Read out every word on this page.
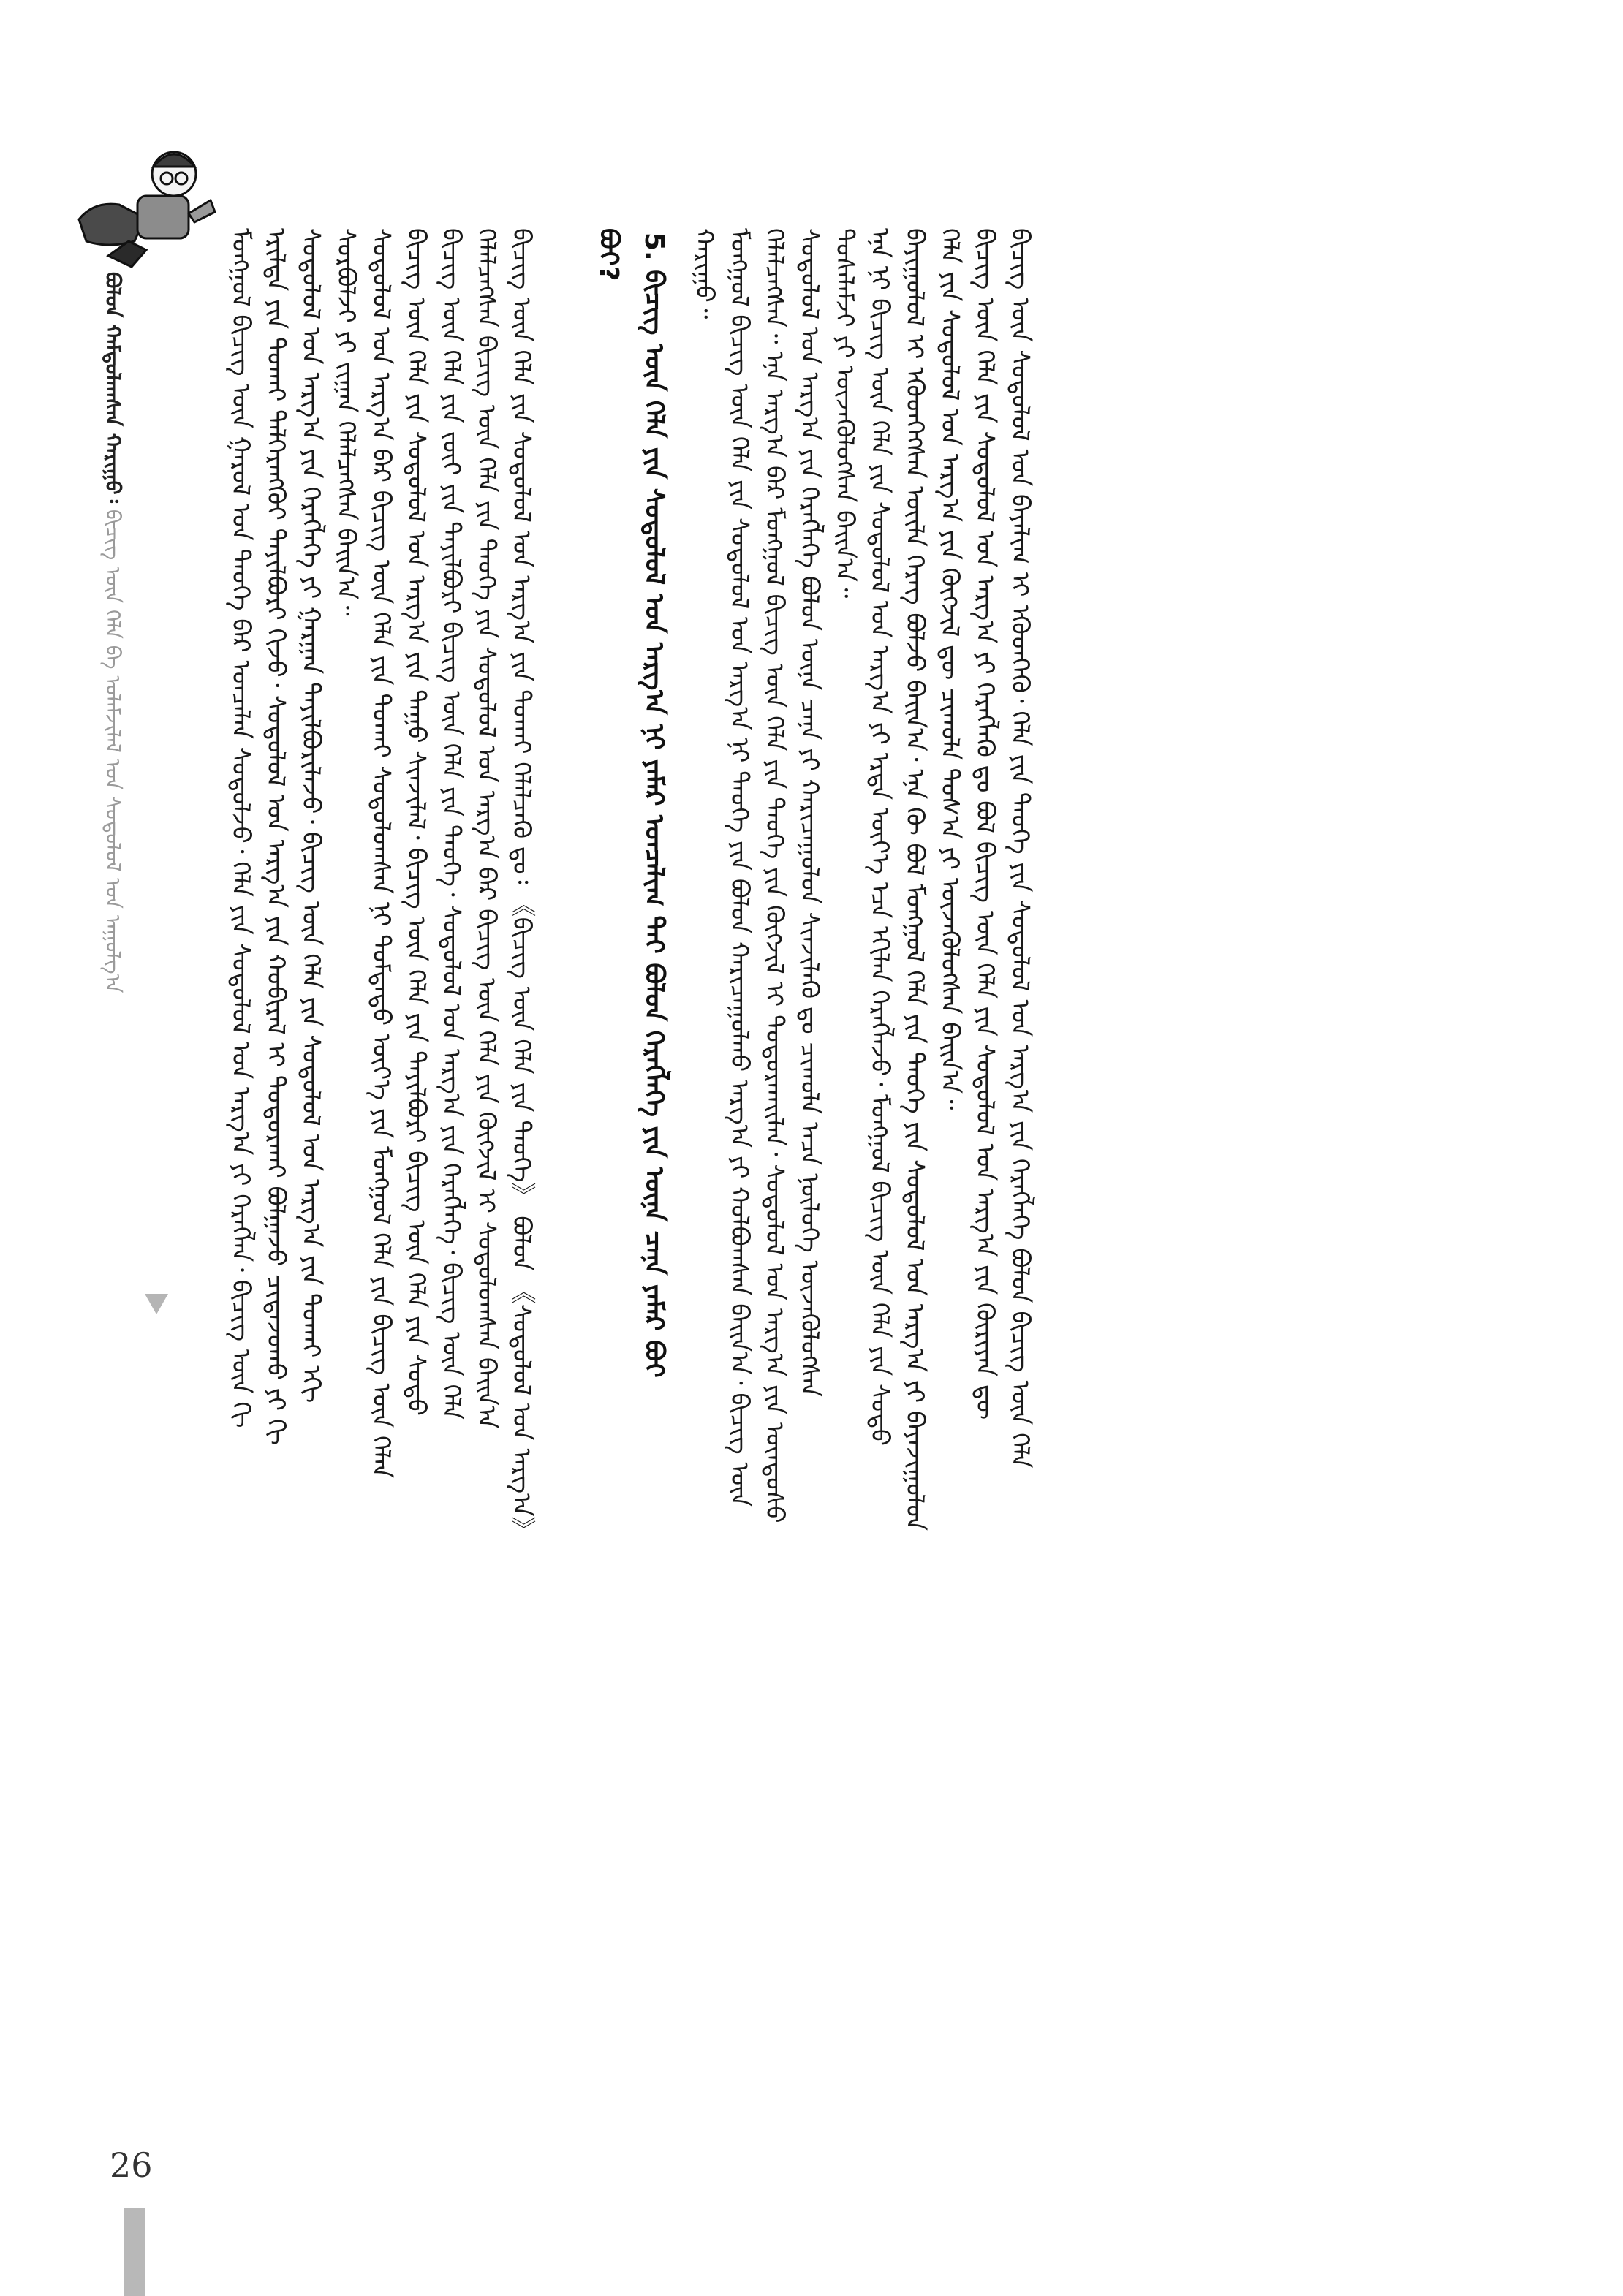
ᠪᠣᠯᠣᠨ ᠬᠠᠮᠳᠤᠯᠠᠭᠰᠠᠨ ᠬᠠᠷᠢᠭᠤ᠄ ᠪᠢᠴᠢᠭ ᠦᠨ ᠬᠡᠯᠡ ᠪᠠ ᠤᠯᠠᠮᠵᠢᠯᠠᠯ ᠤᠨ ᠰᠤᠳᠤᠯᠤᠯ ᠤᠨ ᠠᠭᠤᠯᠭ᠎ᠠ	ᠮᠣᠩᠭᠣᠯ ᠪᠢᠴᠢᠭ ᠦᠨ ᠭᠠᠷᠤᠯ ᠤᠨ ᠲᠡᠦᠬᠡ ᠪᠡᠷ ᠣᠨᠴᠠᠯᠠᠨ ᠰᠤᠳᠤᠯᠵᠤ᠂ ᠬᠡᠯᠡ ᠶᠢᠨ ᠰᠤᠳᠤᠯᠤᠯ ᠤᠨ ᠠᠷᠭ᠎ᠠ ᠶᠢ ᠬᠡᠷᠡᠭᠯᠡᠨ᠂ ᠪᠢᠴᠢᠭ ᠦᠨ ᠬᠢ ᠡᠷᠢᠯᠲᠡ ᠶᠢᠨ ᠲᠤᠬᠠᠢ ᠳᠡᠯᠭᠡᠷᠡᠩᠭᠦᠢ ᠲᠠᠶᠢᠯᠪᠤᠷᠢ ᠬᠢᠵᠦ᠂ ᠰᠤᠳᠤᠯᠤᠯ ᠤᠨ ᠠᠷᠭ᠎ᠠ ᠶᠢᠨ ᠬᠤᠪᠢᠷᠠᠯ ᠢ ᠲᠣᠳᠤᠷᠬᠠᠢ ᠪᠣᠯᠭᠠᠵᠤ ᠴᠢᠳᠠᠵᠤᠬᠤ ᠶᠢ ᠬᠢ ᠰᠤᠳᠤᠯᠤᠯ ᠤᠨ ᠠᠷᠭ᠎ᠠ ᠶᠢᠨ ᠬᠡᠷᠡᠭᠯᠡᠭᠡ ᠶᠢ ᠭᠠᠷᠭᠠᠨ ᠲᠠᠶᠢᠯᠪᠤᠷᠢᠯᠠᠵᠤ᠂ ᠪᠢᠴᠢᠭ ᠦᠨ ᠬᠡᠯᠡ ᠶᠢᠨ ᠰᠤᠳᠤᠯᠤᠯ ᠤᠨ ᠠᠷᠭ᠎ᠠ ᠶᠢᠨ ᠲᠤᠬᠠᠢ ᠡᠬᠢ ᠰᠤᠷᠪᠤᠯᠵᠢ ᠶᠢ ᠵᠢᠭᠠᠨ ᠬᠡᠯᠡᠯᠴᠡᠭᠰᠡᠨ ᠪᠠᠢᠨ᠎ᠠ᠃ ᠰᠤᠳᠤᠯᠤᠯ ᠤᠨ ᠠᠷᠭ᠎ᠠ ᠪᠡᠷ ᠪᠢᠴᠢᠭ ᠦᠨ ᠬᠡᠯᠡ ᠶᠢᠨ ᠲᠤᠬᠠᠢ ᠰᠤᠳᠤᠯᠤᠭᠰᠠᠨ ᠨᠢ ᠳᠤᠮᠳᠠᠳᠤ ᠦᠶ᠎ᠡ ᠶᠢᠨ ᠮᠣᠩᠭᠣᠯ ᠬᠡᠯᠡ ᠶᠢᠨ ᠪᠢᠴᠢᠭ ᠦᠨ ᠬᠡᠯᠡᠨ ᠪᠢᠴᠢᠭ ᠦᠨ ᠬᠡᠯᠡ ᠶᠢᠨ ᠰᠤᠳᠤᠯᠤᠯ ᠤᠨ ᠠᠷᠭ᠎ᠠ ᠶᠢᠨ ᠳᠠᠭᠤ ᠰᠢᠨᠵᠢᠯᠡᠯ᠂ ᠪᠢᠴᠢᠭ ᠦᠨ ᠬᠡᠯᠡ ᠶᠢᠨ ᠲᠠᠶᠢᠯᠪᠤᠷᠢ ᠪᠢᠴᠢᠭ ᠦᠨ ᠬᠡᠯᠡ ᠶᠢᠨ ᠰᠤᠳᠤ ᠪᠢᠴᠢᠭ ᠦᠨ ᠬᠡᠯᠡ ᠶᠢᠨ ᠵᠦᠢ ᠶᠢᠨ ᠲᠠᠶᠢᠯᠪᠤᠷᠢ ᠪᠢᠴᠢᠭ ᠦᠨ ᠬᠡᠯᠡ ᠶᠢᠨ ᠲᠡᠦᠬᠡ᠂ ᠰᠤᠳᠤᠯᠤᠯ ᠤᠨ ᠠᠷᠭ᠎ᠠ ᠶᠢᠨ ᠬᠡᠷᠡᠭᠯᠡᠭᠡ᠂ ᠪᠢᠴᠢᠭ ᠦᠨ ᠬᠡᠯᠡ ᠬᠡᠯᠡᠯᠴᠡᠭᠰᠡᠨ ᠪᠢᠴᠢᠭ ᠦᠨ ᠬᠡᠯᠡ ᠶᠢᠨ ᠲᠡᠦᠬᠡ ᠶᠢᠨ ᠰᠤᠳᠤᠯᠤᠯ ᠤᠨ ᠠᠷᠭ᠎ᠠ ᠪᠡᠷ ᠪᠢᠴᠢᠭ ᠦᠨ ᠬᠡᠯᠡ ᠶᠢᠨ ᠬᠦᠭᠵᠢᠯ ᠢ ᠰᠤᠳᠤᠯᠤᠭᠰᠠᠨ ᠪᠠᠢᠨ᠎ᠠ ᠪᠢᠴᠢᠭ ᠦᠨ ᠬᠡᠯᠡ ᠶᠢᠨ ᠰᠤᠳᠤᠯᠤᠯ ᠤᠨ ᠠᠷᠭ᠎ᠠ ᠶᠢᠨ ᠲᠤᠬᠠᠢ ᠬᠡᠯᠡᠯᠴᠡᠬᠦ ᠳᠤ᠄ 《ᠪᠢᠴᠢᠭ ᠦᠨ ᠬᠡᠯᠡ ᠶᠢᠨ ᠲᠡᠦᠬᠡ》 ᠪᠣᠯᠤᠨ 《ᠰᠤᠳᠤᠯᠤᠯ ᠤᠨ ᠠᠷᠭ᠎ᠠ》 ᠪᠤᠢ? 5. ᠪᠢᠴᠢᠭ ᠦᠨ ᠬᠡᠯᠡ ᠶᠢᠨ ᠰᠤᠳᠤᠯᠤᠯ ᠤᠨ ᠠᠷᠭ᠎ᠠ ᠨᠢ ᠶᠠᠮᠠᠷ ᠣᠨᠴᠠᠯᠢᠭ ᠲᠠᠢ ᠪᠣᠯᠤᠨ ᠬᠡᠷᠡᠭᠯᠡᠭᠡ ᠶᠢᠨ ᠦᠨᠡ ᠴᠡᠨᠡ ᠶᠠᠮᠠᠷ ᠪᠤᠢ ᠬᠠᠷᠢᠭᠤ᠃ ᠮᠣᠩᠭᠣᠯ ᠪᠢᠴᠢᠭ ᠦᠨ ᠬᠡᠯᠡ ᠶᠢᠨ ᠰᠤᠳᠤᠯᠤᠯ ᠤᠨ ᠠᠷᠭ᠎ᠠ ᠨᠢ ᠲᠡᠦᠬᠡ ᠶᠢᠨ ᠪᠣᠯᠤᠨ ᠬᠠᠷᠢᠴᠠᠭᠤᠯᠬᠤ ᠠᠷᠭ᠎ᠠ ᠶᠢ ᠬᠣᠯᠪᠤᠭᠰᠠᠨ ᠪᠠᠢᠨ᠎ᠠ᠂ ᠪᠢᠴᠢᠭ ᠦᠨ ᠬᠡᠯᠡᠯᠴᠡᠭᠰᠡᠨ᠃ ᠡᠨᠡ ᠠᠷᠭ᠎ᠠ ᠪᠡᠷ ᠮᠣᠩᠭᠣᠯ ᠪᠢᠴᠢᠭ ᠦᠨ ᠬᠡᠯᠡ ᠶᠢᠨ ᠲᠡᠦᠬᠡ ᠶᠢᠨ ᠬᠦᠭᠵᠢᠯ ᠢ ᠲᠣᠳᠤᠷᠬᠠᠢᠯᠠᠨ᠂ ᠰᠤᠳᠤᠯᠤᠯ ᠤᠨ ᠠᠷᠭ᠎ᠠ ᠶᠢᠨ ᠦᠨᠳᠦᠰᠦ ᠰᠤᠳᠤᠯᠤᠯ ᠤᠨ ᠠᠷᠭ᠎ᠠ ᠶᠢᠨ ᠬᠡᠷᠡᠭᠯᠡᠭᠡ ᠪᠣᠯᠤᠨ ᠦᠨᠡ ᠴᠡᠨᠡ ᠶᠢ ᠬᠠᠷᠢᠴᠠᠭᠤᠯᠤᠨ ᠰᠢᠨᠵᠢᠯᠡᠬᠦ ᠳᠤ ᠴᠢᠬᠤᠯᠠ ᠠᠴᠠ ᠨᠦᠯᠦᠭᠡ ᠦᠵᠡᠭᠦᠯᠦᠭᠰᠡᠨ ᠲᠤᠰᠠᠯᠠᠮᠵᠢ ᠶᠢ ᠦᠵᠡᠭᠦᠯᠦᠭᠰᠡᠨ ᠪᠠᠢᠨ᠎ᠠ᠃ ᠡᠨᠡ ᠨᠢ ᠪᠢᠴᠢᠭ ᠦᠨ ᠬᠡᠯᠡ ᠶᠢᠨ ᠰᠤᠳᠤᠯᠤᠯ ᠤᠨ ᠠᠷᠭ᠎ᠠ ᠶᠢ ᠡᠷᠲᠡ ᠦᠶ᠎ᠡ ᠡᠴᠡ ᠡᠬᠢᠯᠡᠨ ᠬᠡᠷᠡᠭᠯᠡᠵᠦ᠂ ᠮᠣᠩᠭᠣᠯ ᠪᠢᠴᠢᠭ ᠦᠨ ᠬᠡᠯᠡ ᠶᠢᠨ ᠰᠤᠳᠤ ᠪᠠᠶᠢᠭᠤᠯᠤᠯ ᠢ ᠡᠭᠦᠳᠬᠡᠭᠰᠡᠨ ᠦᠢᠯᠡ ᠬᠡᠷᠡᠭ ᠪᠣᠯᠵᠤ ᠪᠠᠢᠨ᠎ᠠ᠂ ᠡᠨᠡ ᠬᠦ ᠪᠣᠯ ᠮᠣᠩᠭᠣᠯ ᠬᠡᠯᠡ ᠶᠢᠨ ᠲᠡᠦᠬᠡ ᠶᠢᠨ ᠰᠤᠳᠤᠯᠤᠯ ᠤᠨ ᠠᠷᠭ᠎ᠠ ᠶᠢ ᠪᠠᠶᠠᠵᠢᠭᠤᠯᠤᠨ ᠬᠡᠯᠡ ᠶᠢᠨ ᠰᠤᠳᠤᠯᠤᠯ ᠤᠨ ᠠᠷᠭ᠎ᠠ ᠶᠢᠨ ᠬᠥᠭᠵᠢᠯ ᠳᠦ ᠴᠢᠬᠤᠯᠠ ᠲᠤᠰ᠎ᠠ ᠶᠢ ᠦᠵᠡᠭᠦᠯᠦᠭᠰᠡᠨ ᠪᠠᠢᠨ᠎ᠠ᠃ ᠪᠢᠴᠢᠭ ᠦᠨ ᠬᠡᠯᠡ ᠶᠢᠨ ᠰᠤᠳᠤᠯᠤᠯ ᠤᠨ ᠠᠷᠭ᠎ᠠ ᠶᠢ ᠬᠡᠷᠡᠭᠯᠡᠬᠦ ᠳᠤ ᠪᠣᠯ ᠪᠢᠴᠢᠭ ᠦᠨ ᠬᠡᠯᠡ ᠶᠢᠨ ᠰᠤᠳᠤᠯᠤᠯ ᠤᠨ ᠠᠷᠭ᠎ᠠ ᠶᠢᠨ ᠬᠦᠷᠢᠶᠡᠨ ᠳᠦ ᠪᠢᠴᠢᠭ ᠦᠨ ᠰᠤᠳᠤᠯᠤᠯ ᠤᠨ ᠪᠠᠶᠠᠯᠢᠭ ᠢ ᠡᠭᠦᠳᠬᠡᠬᠦ᠂ ᠬᠡᠯᠡ ᠶᠢᠨ ᠲᠡᠦᠬᠡ ᠶᠢᠨ ᠰᠤᠳᠤᠯᠤᠯ ᠤᠨ ᠠᠷᠭ᠎ᠠ ᠶᠢᠨ ᠬᠡᠷᠡᠭᠯᠡᠭᠡ ᠪᠣᠯᠤᠨ ᠪᠢᠴᠢᠭ ᠦᠨ ᠬᠡᠯᠡ
26
